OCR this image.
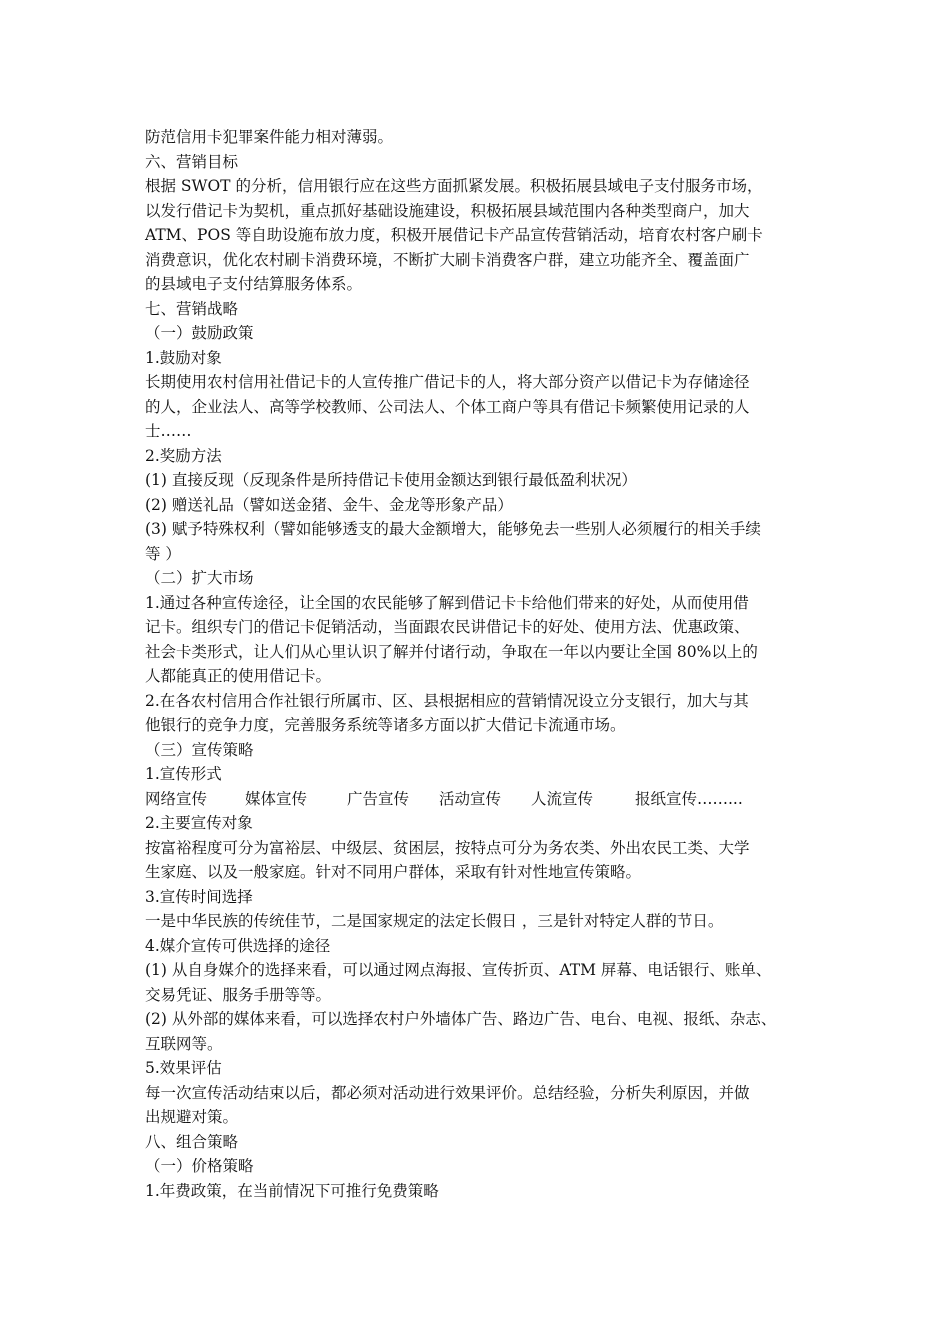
防范信用卡犯罪案件能力相对薄弱。

六、营销目标

根据 SWOT 的分析，信用银行应在这些方面抓紧发展。积极拓展县域电子支付服务市场，

以发行借记卡为契机，重点抓好基础设施建设，积极拓展县域范围内各种类型商户，加大

ATM、POS 等自助设施布放力度，积极开展借记卡产品宣传营销活动，培育农村客户刷卡

消费意识，优化农村刷卡消费环境，不断扩大刷卡消费客户群，建立功能齐全、覆盖面广

的县域电子支付结算服务体系。

七、营销战略

（一）鼓励政策

1.鼓励对象

长期使用农村信用社借记卡的人宣传推广借记卡的人，将大部分资产以借记卡为存储途径

的人，企业法人、高等学校教师、公司法人、个体工商户等具有借记卡频繁使用记录的人

士……

2.奖励方法

(1) 直接反现（反现条件是所持借记卡使用金额达到银行最低盈利状况）

(2) 赠送礼品（譬如送金猪、金牛、金龙等形象产品）

(3) 赋予特殊权利（譬如能够透支的最大金额增大，能够免去一些别人必须履行的相关手续

等 ）

（二）扩大市场

1.通过各种宣传途径，让全国的农民能够了解到借记卡卡给他们带来的好处，从而使用借

记卡。组织专门的借记卡促销活动，当面跟农民讲借记卡的好处、使用方法、优惠政策、

社会卡类形式，让人们从心里认识了解并付诸行动，争取在一年以内要让全国 80%以上的

人都能真正的使用借记卡。

2.在各农村信用合作社银行所属市、区、县根据相应的营销情况设立分支银行，加大与其

他银行的竞争力度，完善服务系统等诸多方面以扩大借记卡流通市场。

（三）宣传策略

1.宣传形式

网络宣传	媒体宣传	广告宣传	活动宣传	人流宣传	报纸宣传……...

2.主要宣传对象

按富裕程度可分为富裕层、中级层、贫困层，按特点可分为务农类、外出农民工类、大学

生家庭、以及一般家庭。针对不同用户群体，采取有针对性地宣传策略。

3.宣传时间选择

一是中华民族的传统佳节，二是国家规定的法定长假日 ，三是针对特定人群的节日。

4.媒介宣传可供选择的途径

(1) 从自身媒介的选择来看，可以通过网点海报、宣传折页、ATM 屏幕、电话银行、账单、

交易凭证、服务手册等等。

(2) 从外部的媒体来看，可以选择农村户外墙体广告、路边广告、电台、电视、报纸、杂志、

互联网等。

5.效果评估

每一次宣传活动结束以后，都必须对活动进行效果评价。总结经验，分析失利原因，并做

出规避对策。

八、组合策略

（一）价格策略

1.年费政策，在当前情况下可推行免费策略
